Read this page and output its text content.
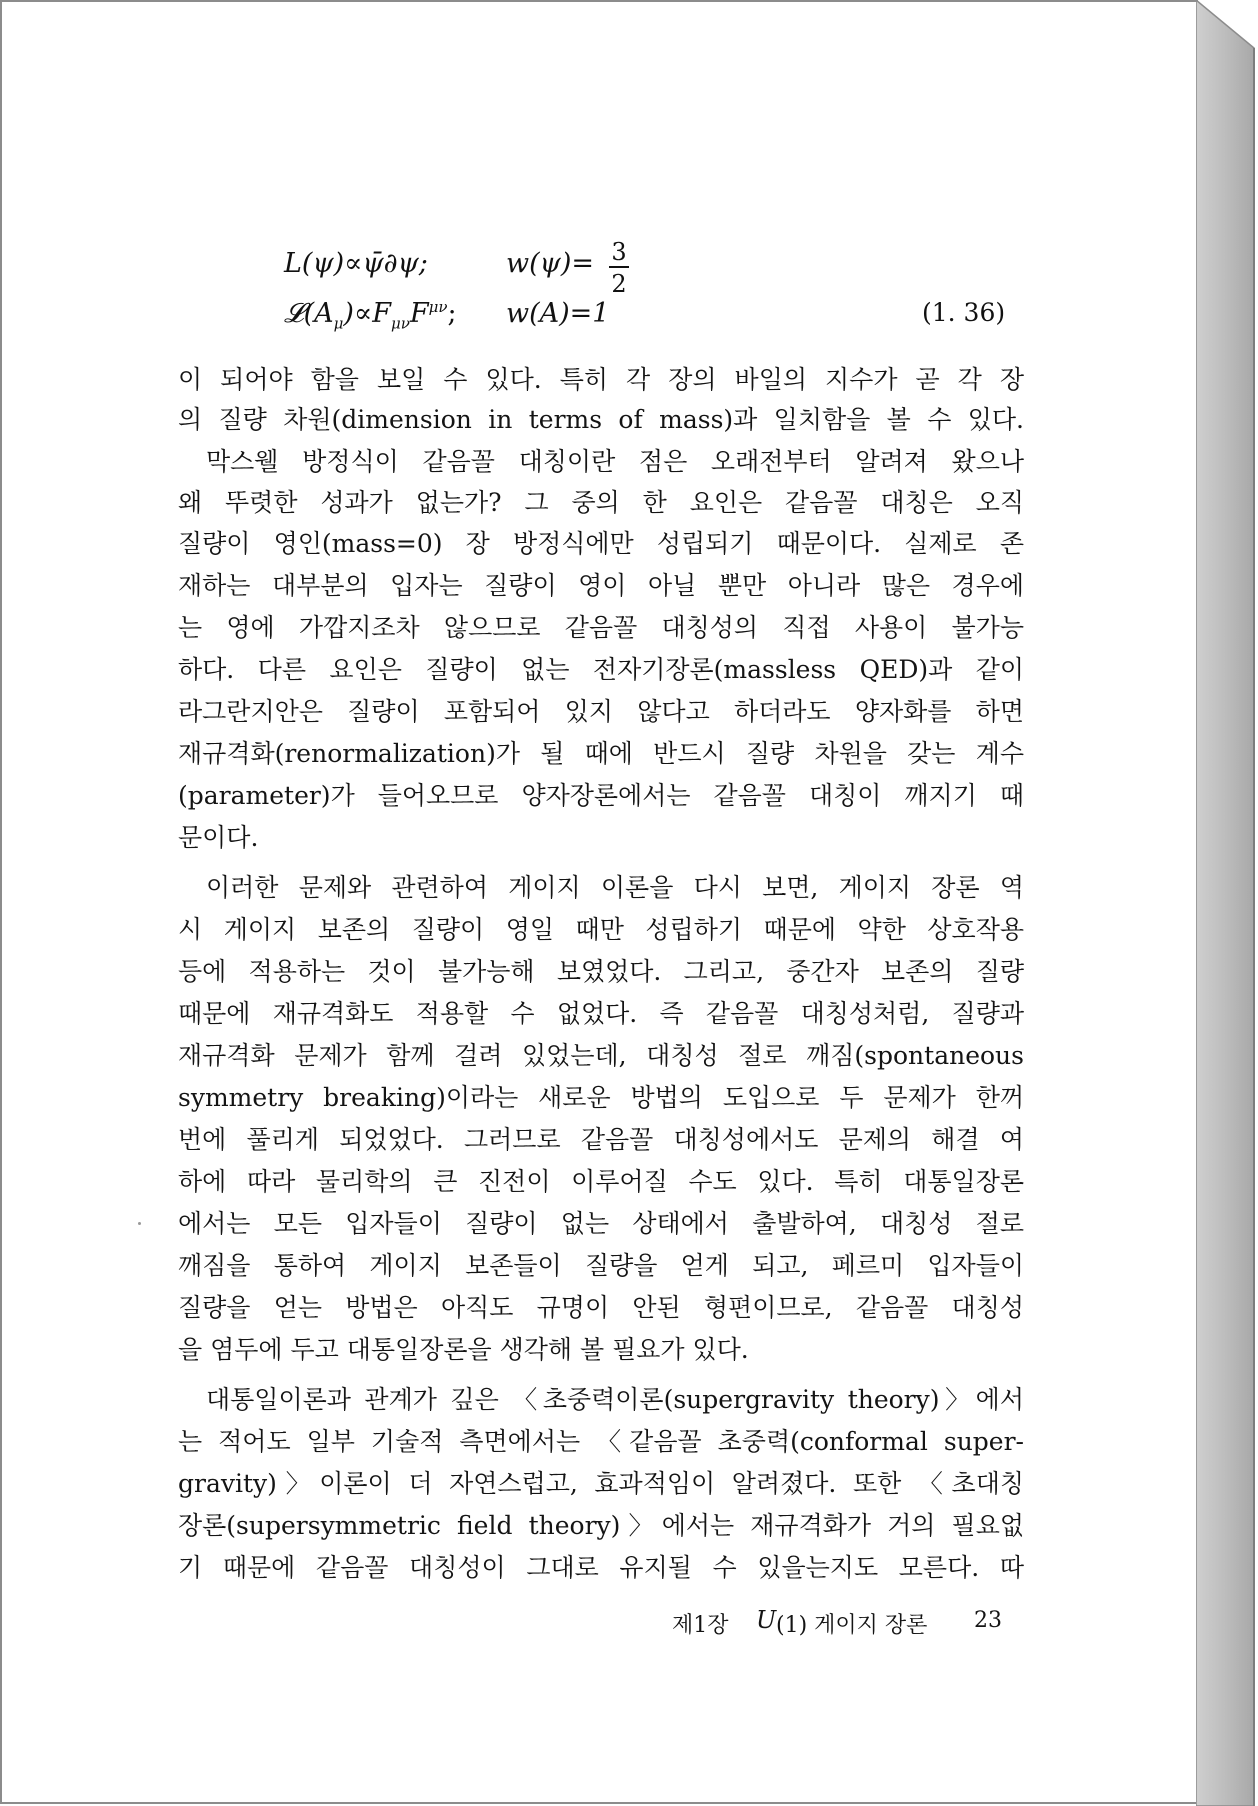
L(ψ)∝ψ̄∂ψ;	w(ψ)= 3
2
$𝓛(A_\mu)\propto F_{\mu\nu}F^{\mu\nu}$; w(A)=1	(1. 36)
이 되어야 함을 보일 수 있다. 특히 각 장의 바일의 지수가 곧 각 장
의 질량 차원(dimension in terms of mass)과 일치함을 볼 수 있다.
막스웰 방정식이 같음꼴 대칭이란 점은 오래전부터 알려져 왔으나
왜 뚜렷한 성과가 없는가? 그 중의 한 요인은 같음꼴 대칭은 오직
질량이 영인(mass=0) 장 방정식에만 성립되기 때문이다. 실제로 존
재하는 대부분의 입자는 질량이 영이 아닐 뿐만 아니라 많은 경우에
는 영에 가깝지조차 않으므로 같음꼴 대칭성의 직접 사용이 불가능
하다. 다른 요인은 질량이 없는 전자기장론(massless QED)과 같이
라그란지안은 질량이 포함되어 있지 않다고 하더라도 양자화를 하면
재규격화(renormalization)가 될 때에 반드시 질량 차원을 갖는 계수
(parameter)가 들어오므로 양자장론에서는 같음꼴 대칭이 깨지기 때
문이다.
이러한 문제와 관련하여 게이지 이론을 다시 보면, 게이지 장론 역
시 게이지 보존의 질량이 영일 때만 성립하기 때문에 약한 상호작용
등에 적용하는 것이 불가능해 보였었다. 그리고, 중간자 보존의 질량
때문에 재규격화도 적용할 수 없었다. 즉 같음꼴 대칭성처럼, 질량과
재규격화 문제가 함께 걸려 있었는데, 대칭성 절로 깨짐(spontaneous
symmetry breaking)이라는 새로운 방법의 도입으로 두 문제가 한꺼
번에 풀리게 되었었다. 그러므로 같음꼴 대칭성에서도 문제의 해결 여
하에 따라 물리학의 큰 진전이 이루어질 수도 있다. 특히 대통일장론
에서는 모든 입자들이 질량이 없는 상태에서 출발하여, 대칭성 절로
깨짐을 통하여 게이지 보존들이 질량을 얻게 되고, 페르미 입자들이
질량을 얻는 방법은 아직도 규명이 안된 형편이므로, 같음꼴 대칭성
을 염두에 두고 대통일장론을 생각해 볼 필요가 있다.
대통일이론과 관계가 깊은 〈초중력이론(supergravity theory)〉에서
는 적어도 일부 기술적 측면에서는 〈같음꼴 초중력(conformal super-
gravity)〉이론이 더 자연스럽고, 효과적임이 알려졌다. 또한 〈초대칭
장론(supersymmetric field theory)〉에서는 재규격화가 거의 필요없
기 때문에 같음꼴 대칭성이 그대로 유지될 수 있을는지도 모른다. 따
제1장 U (1) 게이지 장론 23
